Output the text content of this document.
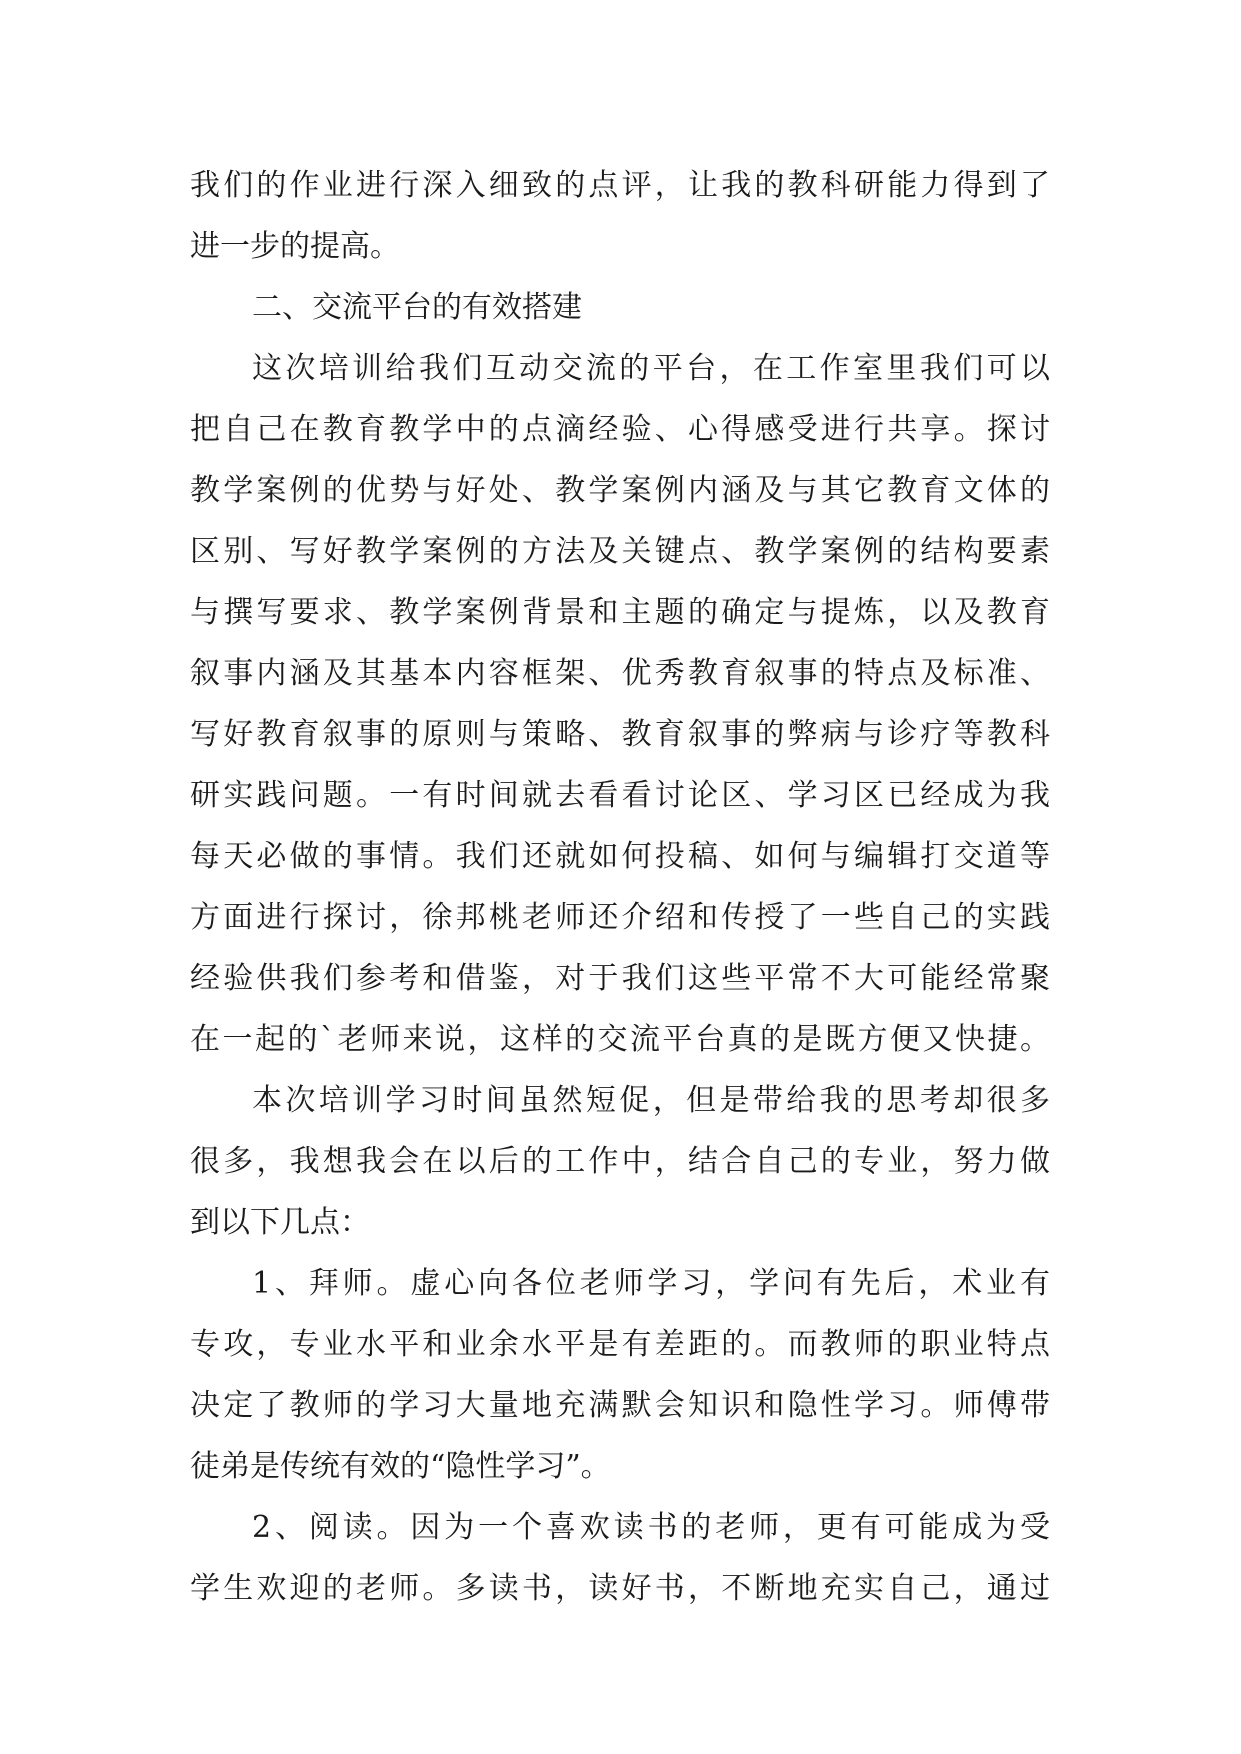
我们的作业进行深入细致的点评，让我的教科研能力得到了
进一步的提高。
二、交流平台的有效搭建
这次培训给我们互动交流的平台，在工作室里我们可以
把自己在教育教学中的点滴经验、心得感受进行共享。探讨
教学案例的优势与好处、教学案例内涵及与其它教育文体的
区别、写好教学案例的方法及关键点、教学案例的结构要素
与撰写要求、教学案例背景和主题的确定与提炼，以及教育
叙事内涵及其基本内容框架、优秀教育叙事的特点及标准、
写好教育叙事的原则与策略、教育叙事的弊病与诊疗等教科
研实践问题。一有时间就去看看讨论区、学习区已经成为我
每天必做的事情。我们还就如何投稿、如何与编辑打交道等
方面进行探讨，徐邦桃老师还介绍和传授了一些自己的实践
经验供我们参考和借鉴，对于我们这些平常不大可能经常聚
在一起的`老师来说，这样的交流平台真的是既方便又快捷。
本次培训学习时间虽然短促，但是带给我的思考却很多
很多，我想我会在以后的工作中，结合自己的专业，努力做
到以下几点：
1、拜师。虚心向各位老师学习，学问有先后，术业有
专攻，专业水平和业余水平是有差距的。而教师的职业特点
决定了教师的学习大量地充满默会知识和隐性学习。师傅带
徒弟是传统有效的“隐性学习”。
2、阅读。因为一个喜欢读书的老师，更有可能成为受
学生欢迎的老师。多读书，读好书，不断地充实自己，通过
